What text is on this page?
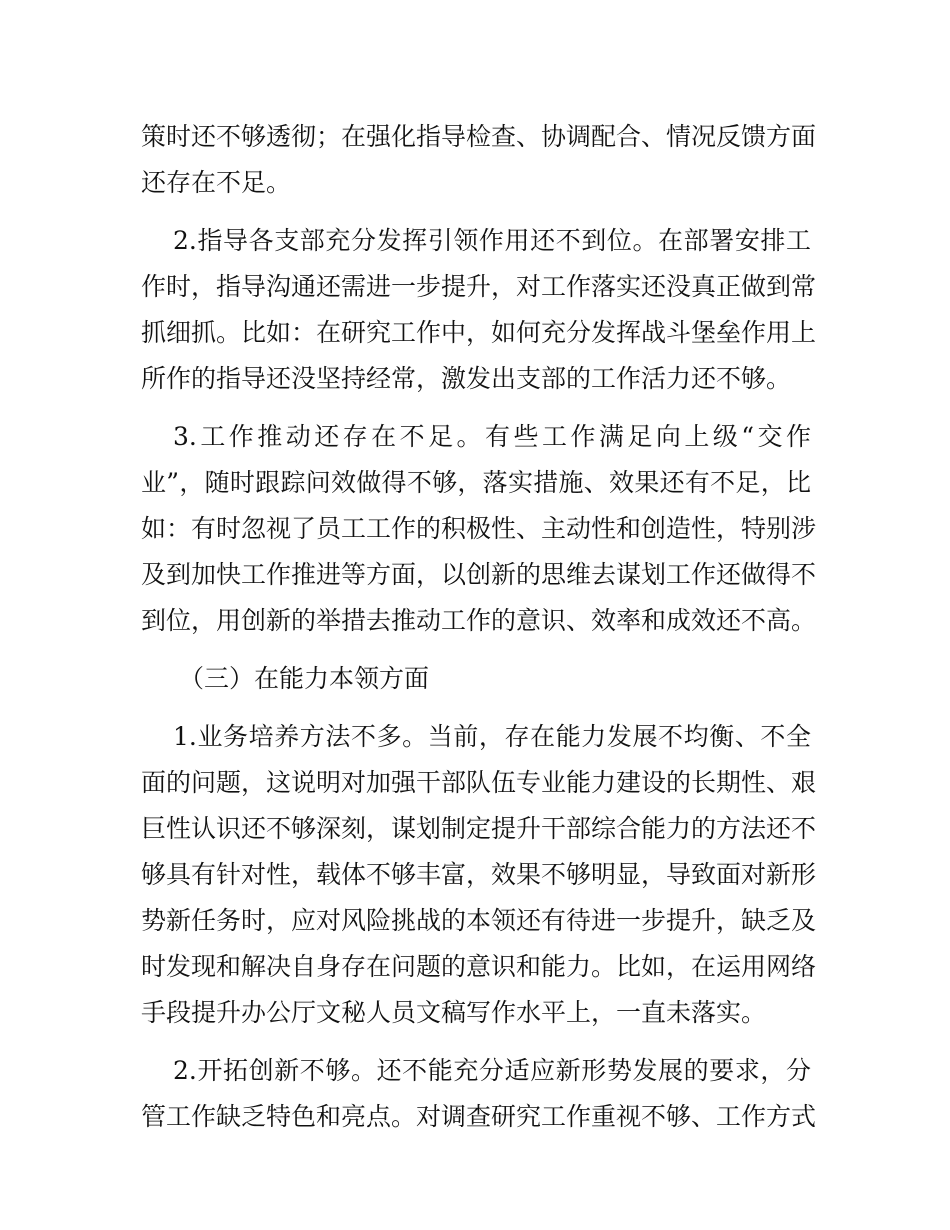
策时还不够透彻；在强化指导检查、协调配合、情况反馈方面
还存在不足。
2.指导各支部充分发挥引领作用还不到位。在部署安排工
作时，指导沟通还需进一步提升，对工作落实还没真正做到常
抓细抓。比如：在研究工作中，如何充分发挥战斗堡垒作用上
所作的指导还没坚持经常，激发出支部的工作活力还不够。
3.工作推动还存在不足。有些工作满足向上级“交作
业”，随时跟踪问效做得不够，落实措施、效果还有不足，比
如：有时忽视了员工工作的积极性、主动性和创造性，特别涉
及到加快工作推进等方面，以创新的思维去谋划工作还做得不
到位，用创新的举措去推动工作的意识、效率和成效还不高。
（三）在能力本领方面
1.业务培养方法不多。当前，存在能力发展不均衡、不全
面的问题，这说明对加强干部队伍专业能力建设的长期性、艰
巨性认识还不够深刻，谋划制定提升干部综合能力的方法还不
够具有针对性，载体不够丰富，效果不够明显，导致面对新形
势新任务时，应对风险挑战的本领还有待进一步提升，缺乏及
时发现和解决自身存在问题的意识和能力。比如，在运用网络
手段提升办公厅文秘人员文稿写作水平上，一直未落实。
2.开拓创新不够。还不能充分适应新形势发展的要求，分
管工作缺乏特色和亮点。对调查研究工作重视不够、工作方式
